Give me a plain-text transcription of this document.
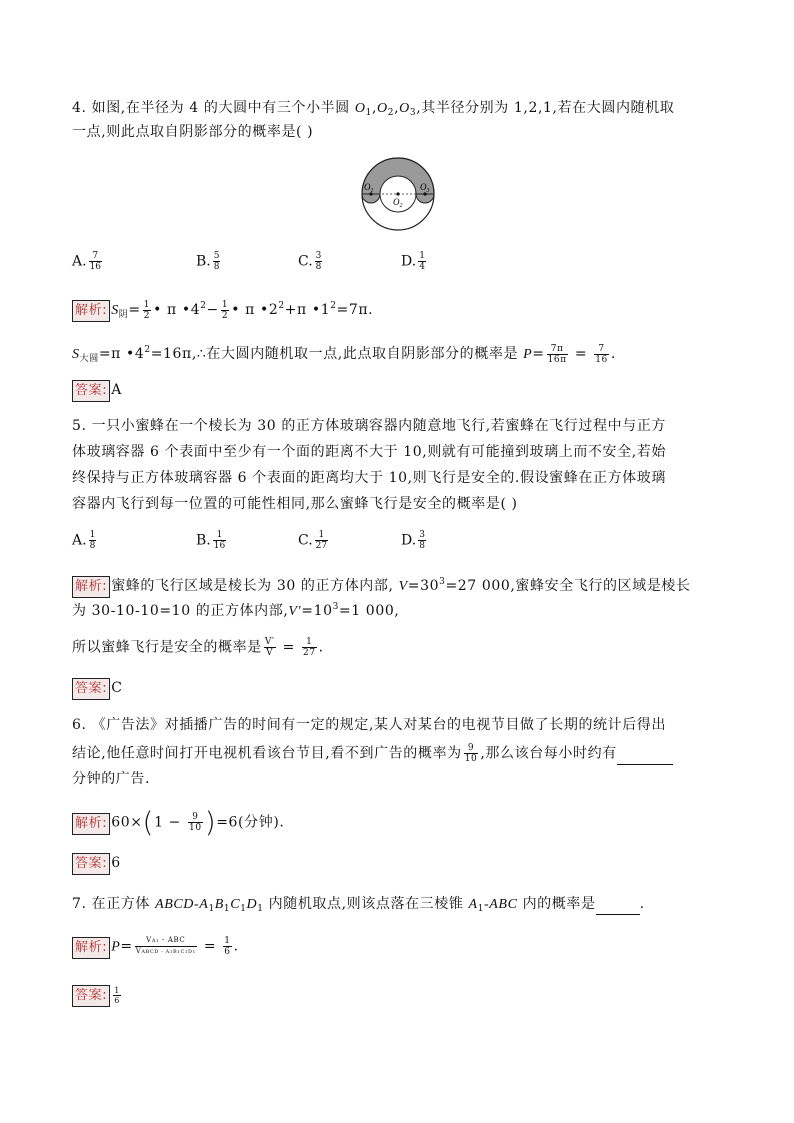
4. 如图,在半径为 4 的大圆中有三个小半圆 $O_1,O_2,O_3$,其半径分别为 1,2,1,若在大圆内随机取
一点,则此点取自阴影部分的概率是( )
$O_1$
$O_2$
$O_3$
A. $\frac{7}{16}$	B. $\frac{5}{8}$	C. $\frac{3}{8}$	D. $\frac{1}{4}$
解析: $S_阴= \frac{1}{2}$ • π $•4^2- \frac{1}{2}$ • π $•2^2+\pi$ $•1^2=7\pi$.
$S_{大圆}=\pi$ $•4^2=16\pi,\therefore$在大圆内随机取一点,此点取自阴影部分的概率是 $P= \frac{7\pi}{16\pi} = \frac{7}{16}$ .
答案: A
5. 一只小蜜蜂在一个棱长为 30 的正方体玻璃容器内随意地飞行,若蜜蜂在飞行过程中与正方
体玻璃容器 6 个表面中至少有一个面的距离不大于 10,则就有可能撞到玻璃上而不安全,若始
终保持与正方体玻璃容器 6 个表面的距离均大于 10,则飞行是安全的.假设蜜蜂在正方体玻璃
容器内飞行到每一位置的可能性相同,那么蜜蜂飞行是安全的概率是( )
A. $\frac{1}{8}$	B. $\frac{1}{16}$	C. $\frac{1}{27}$	D. $\frac{3}{8}$
解析: 蜜蜂的飞行区域是棱长为 30 的正方体内部, $V=30^3=27$ 000,蜜蜂安全飞行的区域是棱长
为 30-10-10=10 的正方体内部$,V'=10^3=1$ 000,
所以蜜蜂飞行是安全的概率是 $\frac{V'}{V} = \frac{1}{27}$ .
答案: C
6. 《广告法》对插播广告的时间有一定的规定,某人对某台的电视节目做了长期的统计后得出
结论,他任意时间打开电视机看该台节目,看不到广告的概率为 $\frac{9}{10}$ ,那么该台每小时约有
分钟的广告.
解析: $60\times(1 - \frac{9}{10} )=6$(分钟).
答案: 6
7. 在正方体 ABCD-$A_1B_1C_1D_1$ 内随机取点,则该点落在三棱锥 $A_1$-ABC 内的概率是	.
解析: $P= \frac{\text{VA1 - ABC}}{\text{VABCD - A1B1C1D1}} = \frac{1}{6}$ .
答案: $\frac{1}{6}$
